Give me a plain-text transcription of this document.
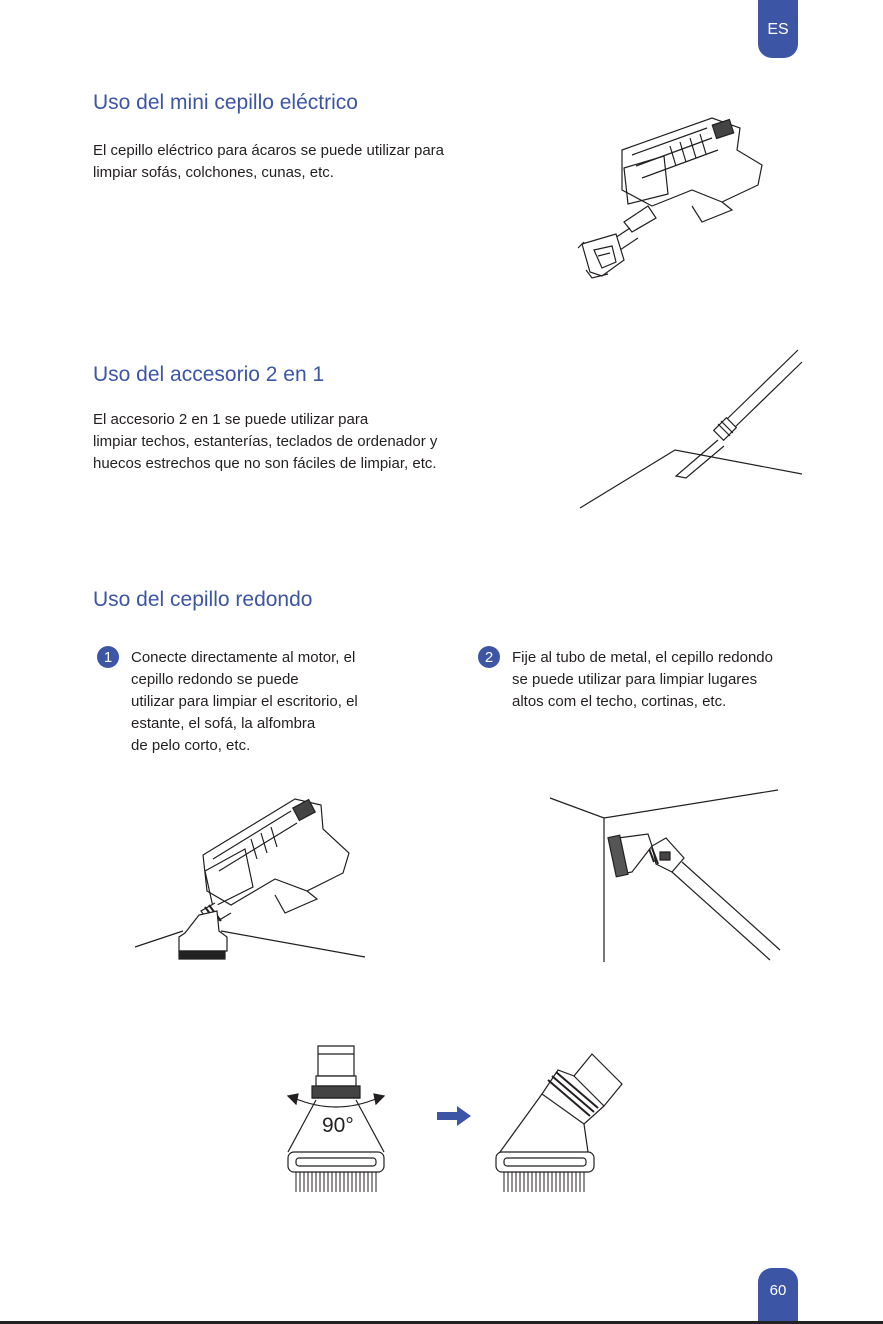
ES
60
Uso del mini cepillo eléctrico
El cepillo eléctrico para ácaros se puede utilizar para
limpiar sofás, colchones, cunas, etc.
Uso del accesorio 2 en 1
El accesorio 2 en 1 se puede utilizar para
limpiar techos, estanterías, teclados de ordenador y
huecos estrechos que no son fáciles de limpiar, etc.
Uso del cepillo redondo
1	Conecte directamente al motor, el
cepillo redondo se puede
utilizar para limpiar el escritorio, el
estante, el sofá, la alfombra
de pelo corto, etc.
2	Fije al tubo de metal, el cepillo redondo
se puede utilizar para limpiar lugares
altos com el techo, cortinas, etc.
90°
